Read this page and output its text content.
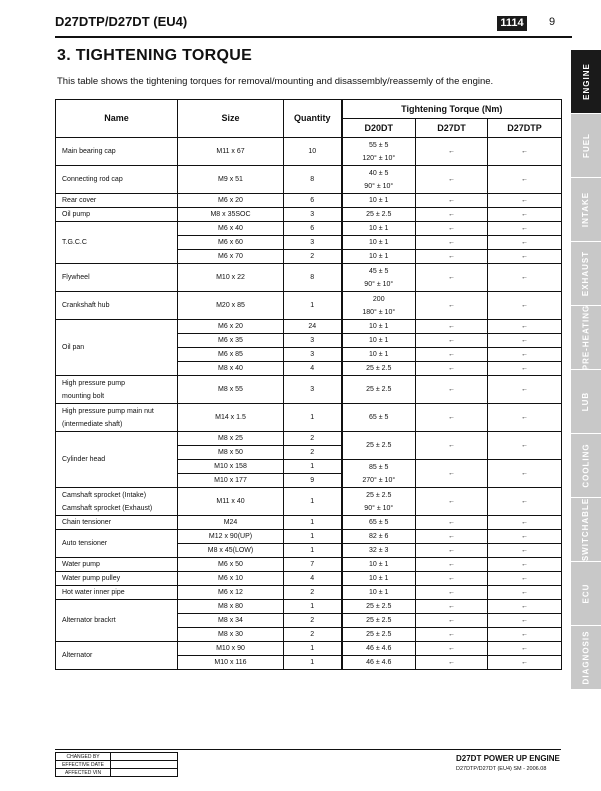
D27DTP/D27DT (EU4)	1114	9
3. TIGHTENING TORQUE
This table shows the tightening torques for removal/mounting and disassembly/reassemly of the engine.
Name	Size	Quantity	Tightening Torque (Nm)		
			D20DT	D27DT	D27DTP
Main bearing cap	M11 x 67	10	55 ± 5
120° ± 10°	←	←
Connecting rod cap	M9 x 51	8	40 ± 5
90° ± 10°	←	←
Rear cover	M6 x 20	6	10 ± 1	←	←
Oil pump	M8 x 35SOC	3	25 ± 2.5	←	←
T.G.C.C	M6 x 40	6	10 ± 1	←	←
	M6 x 60	3	10 ± 1	←	←
	M6 x 70	2	10 ± 1	←	←
Flywheel	M10 x 22	8	45 ± 5
90° ± 10°	←	←
Crankshaft hub	M20 x 85	1	200
180° ± 10°	←	←
Oil pan	M6 x 20	24	10 ± 1	←	←
	M6 x 35	3	10 ± 1	←	←
	M6 x 85	3	10 ± 1	←	←
	M8 x 40	4	25 ± 2.5	←	←
High pressure pump
mounting bolt	M8 x 55	3	25 ± 2.5	←	←
High pressure pump main nut
(intermediate shaft)	M14 x 1.5	1	65 ± 5	←	←
Cylinder head	M8 x 25	2	25 ± 2.5	←	←
	M8 x 50	2			
	M10 x 158	1	85 ± 5
270° ± 10°	←	←
	M10 x 177	9			
Camshaft sprocket (Intake)
Camshaft sprocket (Exhaust)	M11 x 40	1	25 ± 2.5
90° ± 10°	←	←
Chain tensioner	M24	1	65 ± 5	←	←
Auto tensioner	M12 x 90(UP)	1	82 ± 6	←	←
	M8 x 45(LOW)	1	32 ± 3	←	←
Water pump	M6 x 50	7	10 ± 1	←	←
Water pump pulley	M6 x 10	4	10 ± 1	←	←
Hot water inner pipe	M6 x 12	2	10 ± 1	←	←
Alternator brackrt	M8 x 80	1	25 ± 2.5	←	←
	M8 x 34	2	25 ± 2.5	←	←
	M8 x 30	2	25 ± 2.5	←	←
Alternator	M10 x 90	1	46 ± 4.6	←	←
	M10 x 116	1	46 ± 4.6	←	←
ENGINE
FUEL
INTAKE
EXHAUST
PRE-HEATING
LUB
COOLING
SWITCHABLE
ECU
DIAGNOSIS
CHANGED BY	
EFFECTIVE DATE	
AFFECTED VIN	
D27DT POWER UP ENGINE
D27DTP/D27DT (EU4) SM - 2006.08
